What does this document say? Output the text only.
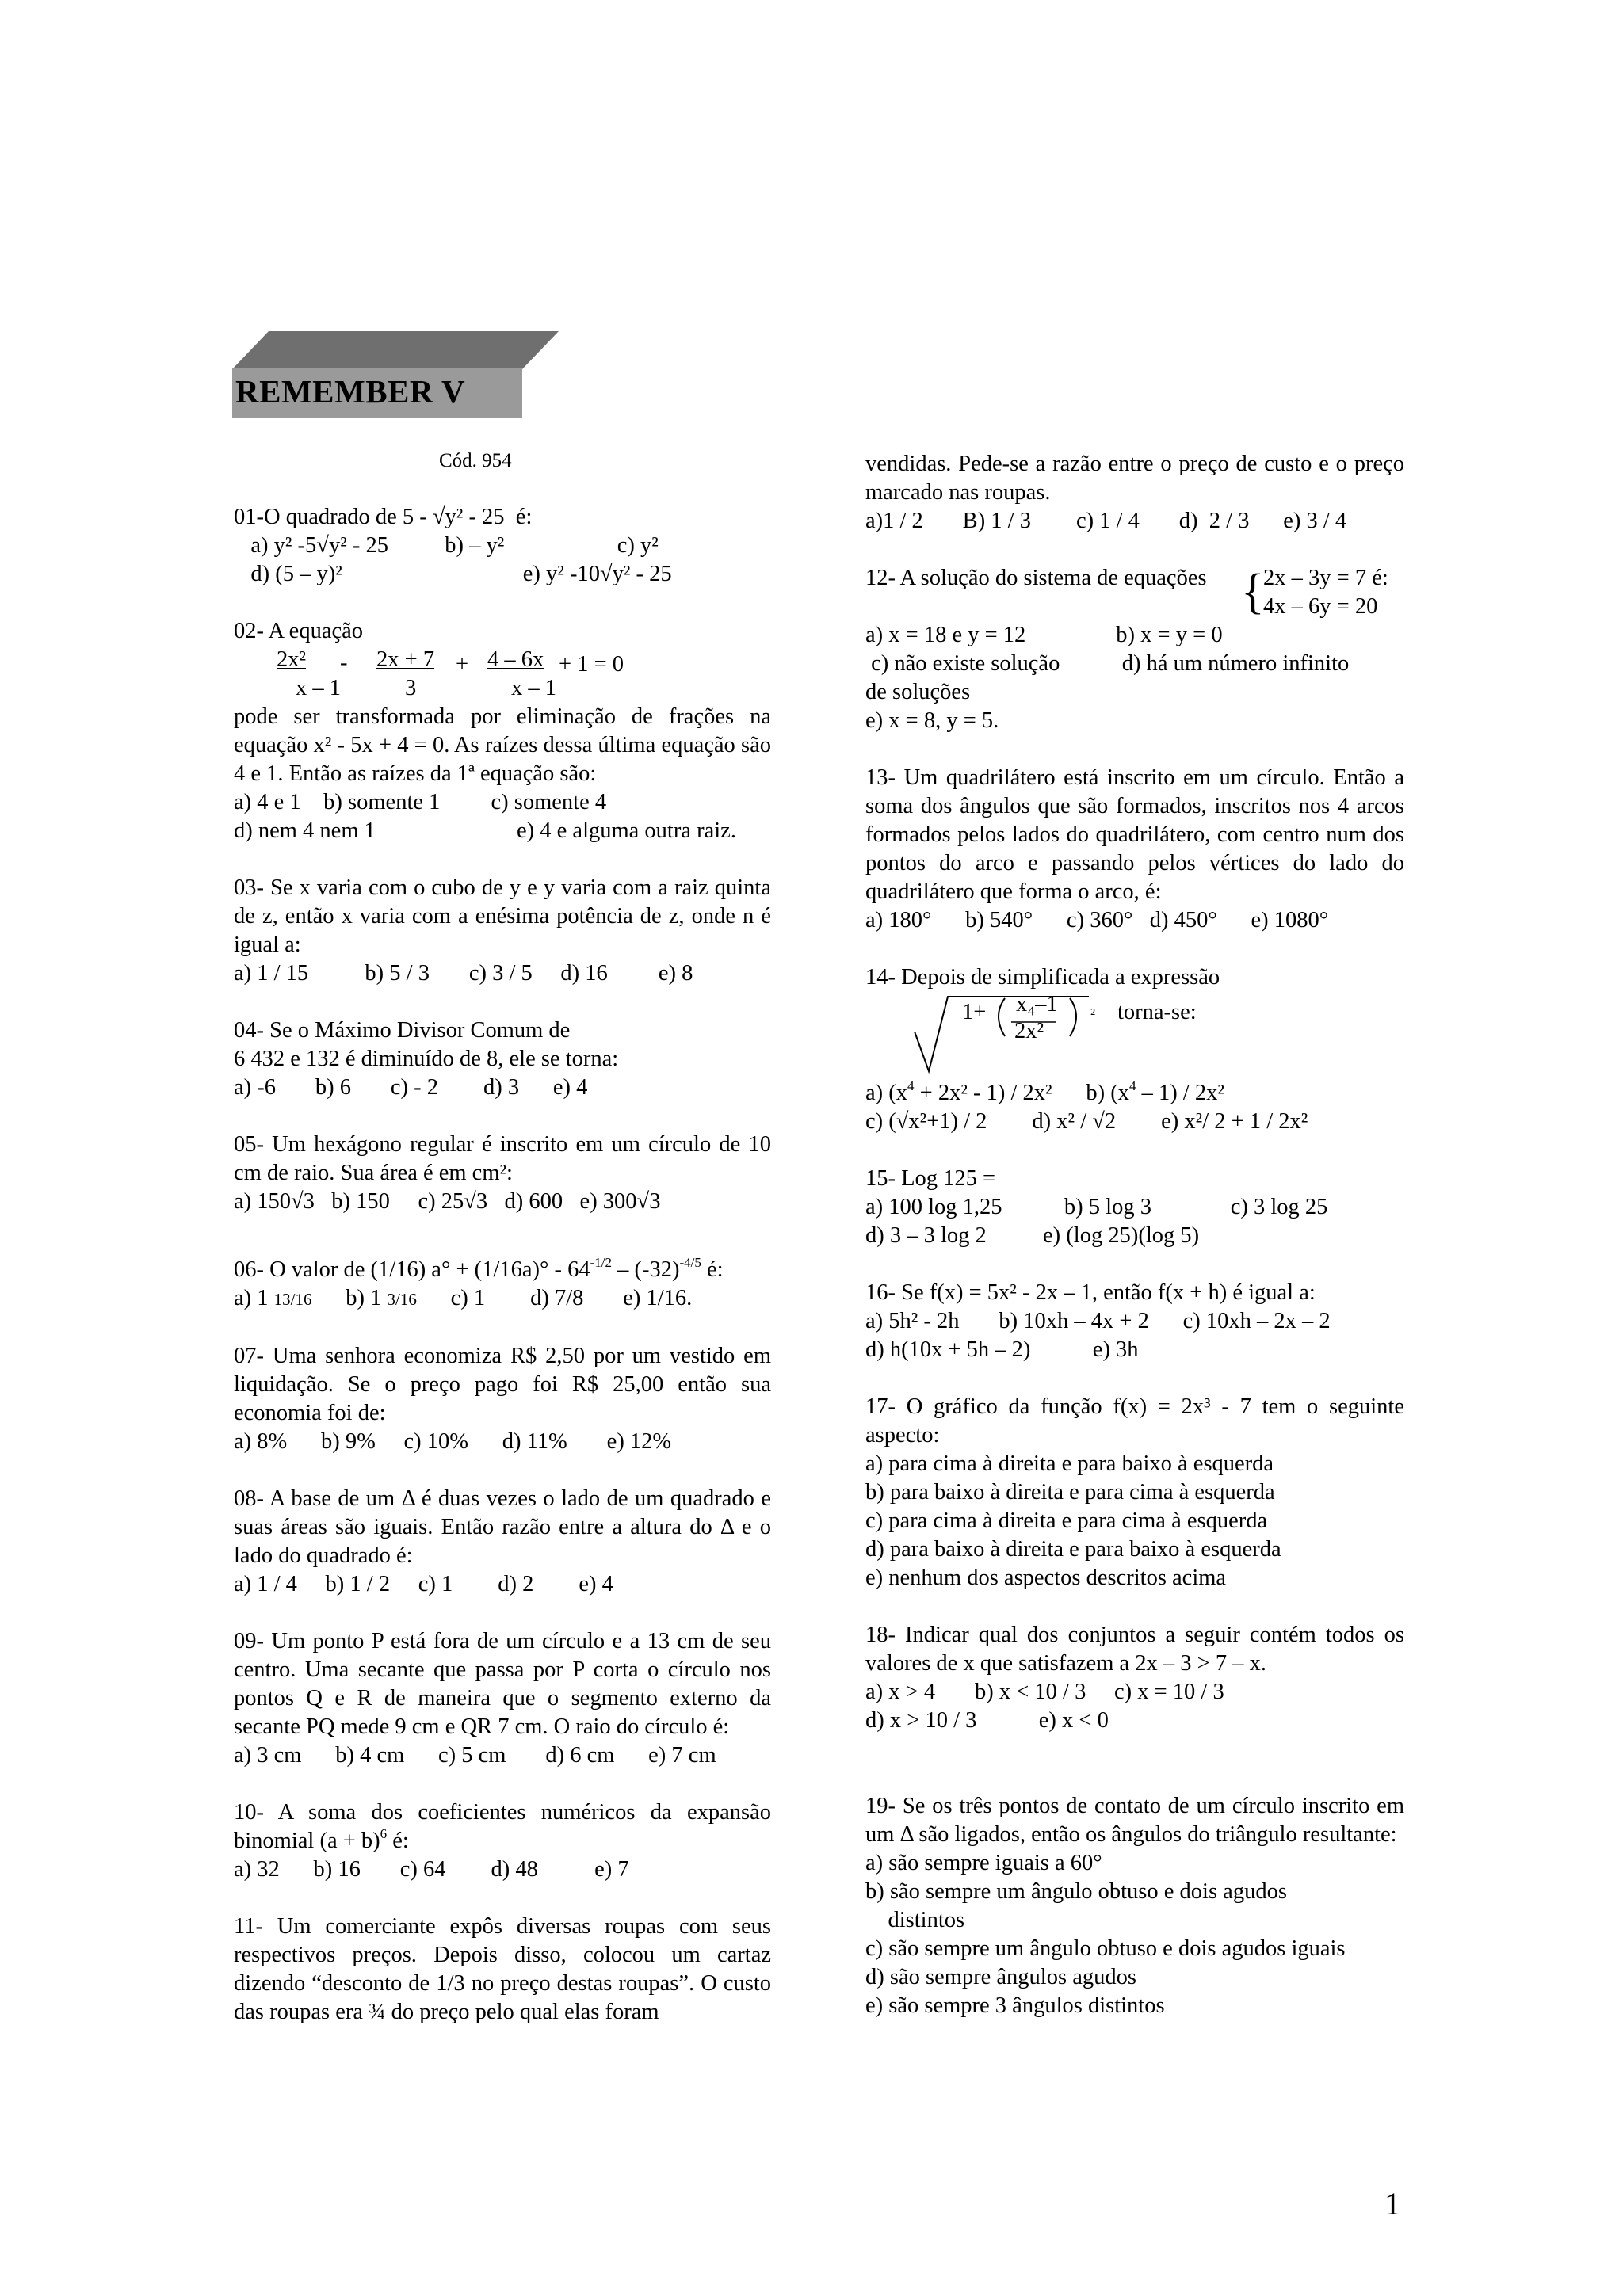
REMEMBER V
Cód. 954
01-O quadrado de 5 - √y² - 25  é:
a) y² -5√y² - 25          b) – y²                    c) y²
d) (5 – y)²                                e) y² -10√y² - 25
02- A equação
2x² - 2x + 7 + 4 – 6x + 1 = 0
x – 1	3	x – 1
pode ser transformada por eliminação de frações na equação x² - 5x + 4 = 0. As raízes dessa última equação são 4 e 1. Então as raízes da 1ª equação são:
a) 4 e 1    b) somente 1         c) somente 4
d) nem 4 nem 1                         e) 4 e alguma outra raiz.
03- Se x varia com o cubo de y e y varia com a raiz quinta de z, então x varia com a enésima potência de z, onde n é igual a:
a) 1 / 15          b) 5 / 3       c) 3 / 5     d) 16         e) 8
04- Se o Máximo Divisor Comum de
6 432 e 132 é diminuído de 8, ele se torna:
a) -6       b) 6       c) - 2        d) 3      e) 4
05- Um hexágono regular é inscrito em um círculo de 10 cm de raio. Sua área é em cm²:
a) 150√3   b) 150     c) 25√3   d) 600   e) 300√3
06- O valor de (1/16) $a^\circ + (1/16a)^\circ - 64^{-1/2} - (-32)^{-4/5}$ é:
a) 1 13/16      b) 1 3/16      c) 1        d) 7/8       e) 1/16.
07- Uma senhora economiza R$ 2,50 por um vestido em liquidação. Se o preço pago foi R$ 25,00 então sua economia foi de:
a) 8%      b) 9%     c) 10%      d) 11%       e) 12%
08- A base de um Δ é duas vezes o lado de um quadrado e suas áreas são iguais. Então razão entre a altura do Δ e o lado do quadrado é:
a) 1 / 4     b) 1 / 2     c) 1        d) 2        e) 4
09- Um ponto P está fora de um círculo e a 13 cm de seu centro. Uma secante que passa por P corta o círculo nos pontos Q e R de maneira que o segmento externo da secante PQ mede 9 cm e QR 7 cm. O raio do círculo é:
a) 3 cm      b) 4 cm      c) 5 cm       d) 6 cm      e) 7 cm
10- A soma dos coeficientes numéricos da expansão binomial $(a + b)^6$ é:
a) 32      b) 16       c) 64        d) 48          e) 7
11- Um comerciante expôs diversas roupas com seus respectivos preços. Depois disso, colocou um cartaz dizendo “desconto de 1/3 no preço destas roupas”. O custo das roupas era ¾ do preço pelo qual elas foram
vendidas. Pede-se a razão entre o preço de custo e o preço marcado nas roupas.
a)1 / 2       B) 1 / 3        c) 1 / 4       d)  2 / 3      e) 3 / 4
12- A solução do sistema de equações {
2x – 3y = 7 é:
4x – 6y = 20
a) x = 18 e y = 12                b) x = y = 0
c) não existe solução           d) há um número infinito
de soluções
e) x = 8, y = 5.
13- Um quadrilátero está inscrito em um círculo. Então a soma dos ângulos que são formados, inscritos nos 4 arcos formados pelos lados do quadrilátero, com centro num dos pontos do arco e passando pelos vértices do lado do quadrilátero que forma o arco, é:
a) 180°      b) 540°      c) 360°   d) 450°      e) 1080°
14- Depois de simplificada a expressão
1+ x₄–1
2x²
² torna-se:
a) $(x^4 + 2x^2 - 1) / 2x^2$      b) $(x^4 - 1) / 2x^2$
c) (√x²+1) / 2        d) x² / √2        e) x²/ 2 + 1 / 2x²
15- Log 125 =
a) 100 log 1,25           b) 5 log 3              c) 3 log 25
d) 3 – 3 log 2          e) (log 25)(log 5)
16- Se f(x) = 5x² - 2x – 1, então f(x + h) é igual a:
a) 5h² - 2h       b) 10xh – 4x + 2      c) 10xh – 2x – 2
d) h(10x + 5h – 2)           e) 3h
17- O gráfico da função f(x) = 2x³ - 7 tem o seguinte aspecto:
a) para cima à direita e para baixo à esquerda
b) para baixo à direita e para cima à esquerda
c) para cima à direita e para cima à esquerda
d) para baixo à direita e para baixo à esquerda
e) nenhum dos aspectos descritos acima
18- Indicar qual dos conjuntos a seguir contém todos os valores de x que satisfazem a 2x – 3 > 7 – x.
a) x > 4       b) x < 10 / 3     c) x = 10 / 3
d) x > 10 / 3           e) x < 0
19- Se os três pontos de contato de um círculo inscrito em um Δ são ligados, então os ângulos do triângulo resultante:
a) são sempre iguais a 60°
b) são sempre um ângulo obtuso e dois agudos
distintos
c) são sempre um ângulo obtuso e dois agudos iguais
d) são sempre ângulos agudos
e) são sempre 3 ângulos distintos
1
